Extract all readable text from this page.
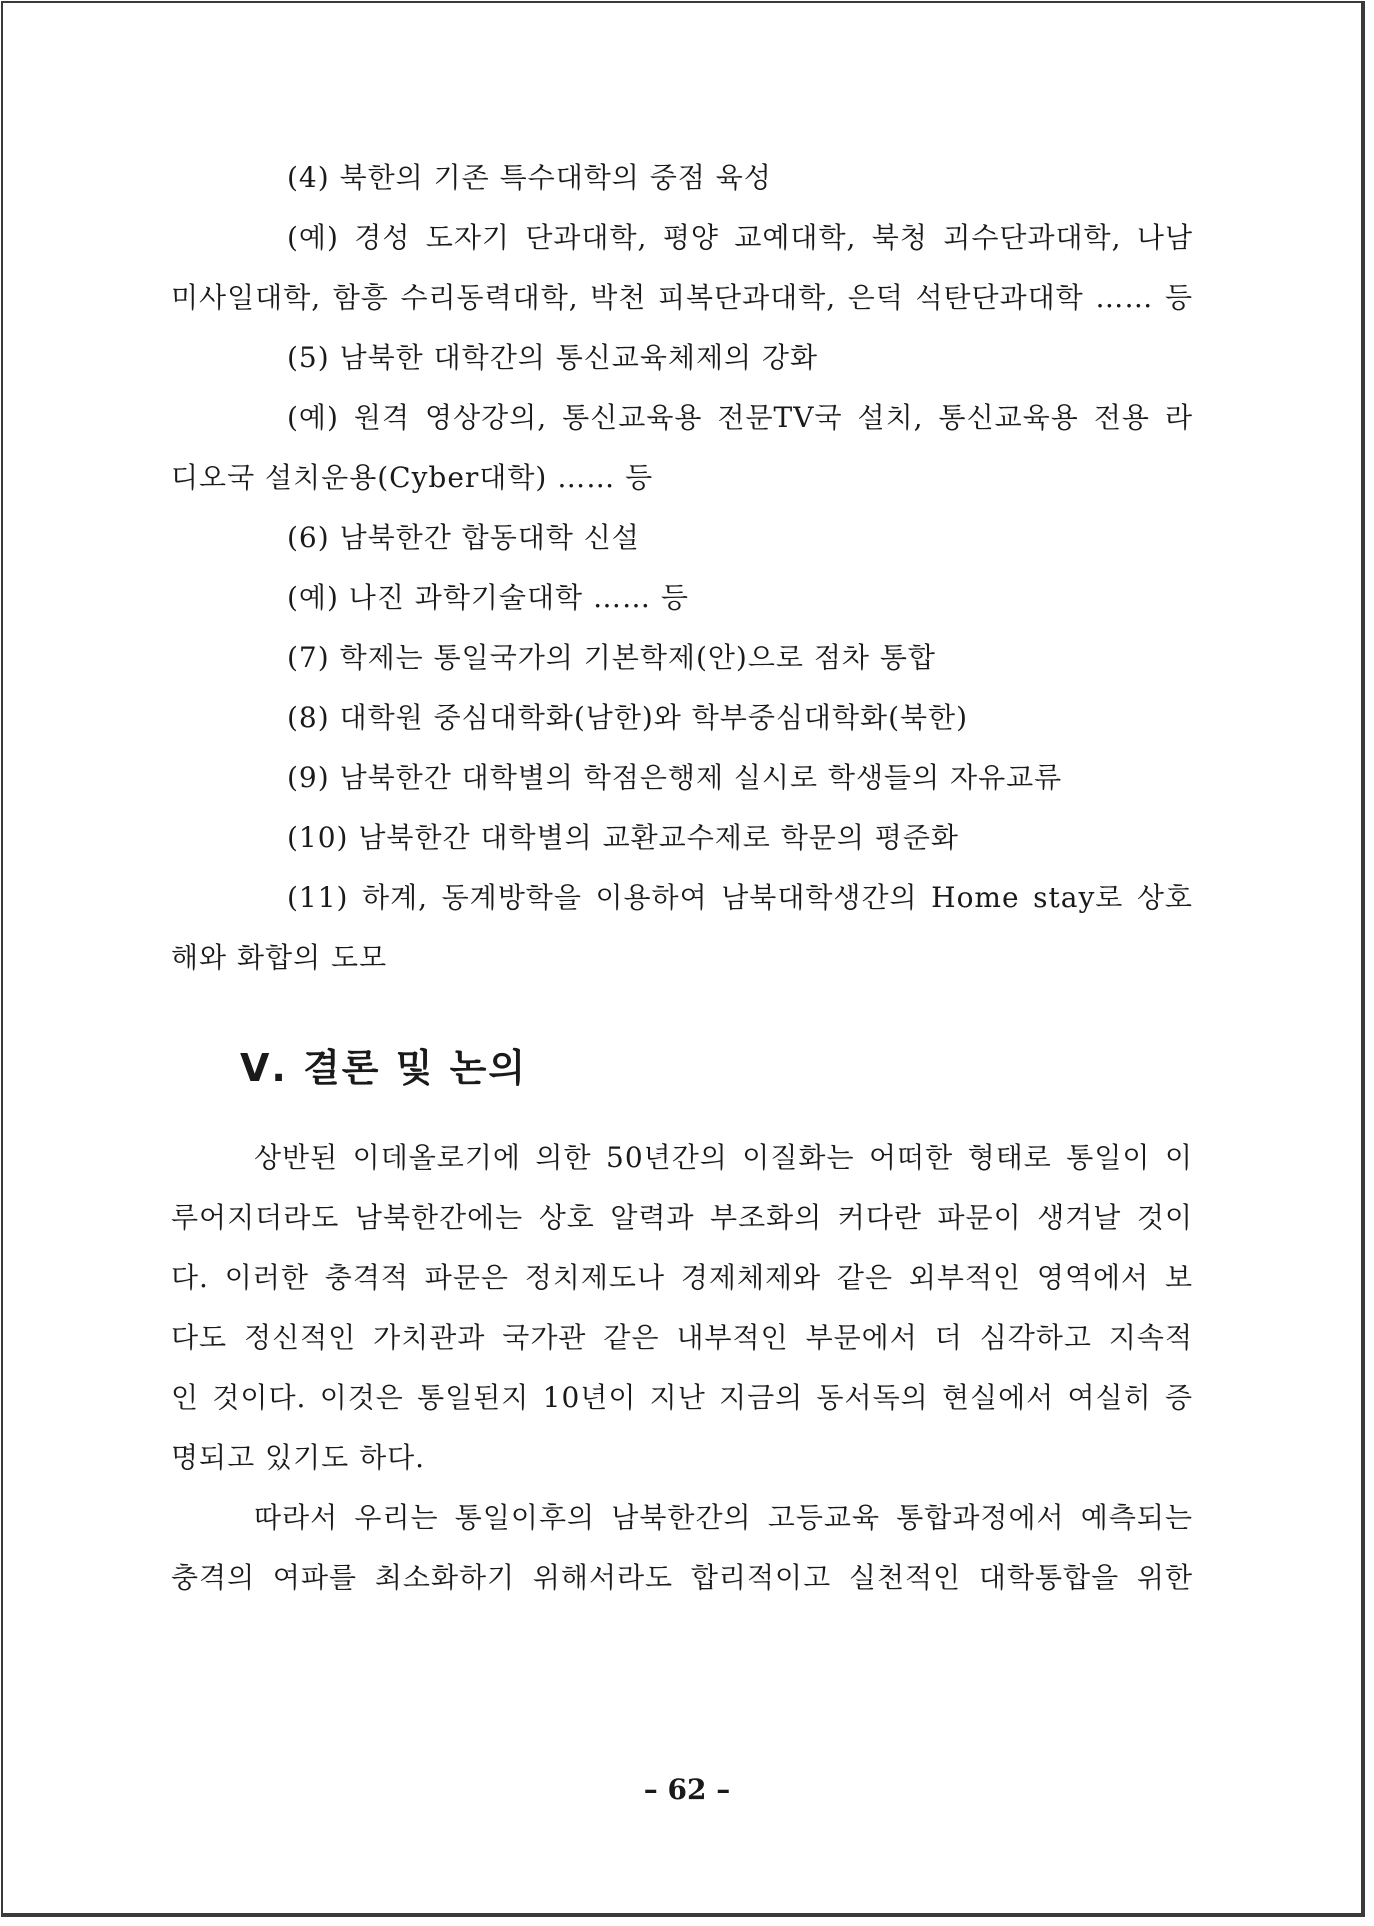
(4) 북한의 기존 특수대학의 중점 육성
(예) 경성 도자기 단과대학, 평양 교예대학, 북청 괴수단과대학, 나남
미사일대학, 함흥 수리동력대학, 박천 피복단과대학, 은덕 석탄단과대학 …… 등
(5) 남북한 대학간의 통신교육체제의 강화
(예) 원격 영상강의, 통신교육용 전문TV국 설치, 통신교육용 전용 라
디오국 설치운용(Cyber대학) …… 등
(6) 남북한간 합동대학 신설
(예) 나진 과학기술대학 …… 등
(7) 학제는 통일국가의 기본학제(안)으로 점차 통합
(8) 대학원 중심대학화(남한)와 학부중심대학화(북한)
(9) 남북한간 대학별의 학점은행제 실시로 학생들의 자유교류
(10) 남북한간 대학별의 교환교수제로 학문의 평준화
(11) 하계, 동계방학을 이용하여 남북대학생간의 Home stay로 상호
해와 화합의 도모
Ⅴ. 결론 및 논의
상반된 이데올로기에 의한 50년간의 이질화는 어떠한 형태로 통일이 이
루어지더라도 남북한간에는 상호 알력과 부조화의 커다란 파문이 생겨날 것이
다. 이러한 충격적 파문은 정치제도나 경제체제와 같은 외부적인 영역에서 보
다도 정신적인 가치관과 국가관 같은 내부적인 부문에서 더 심각하고 지속적
인 것이다. 이것은 통일된지 10년이 지난 지금의 동서독의 현실에서 여실히 증
명되고 있기도 하다.
따라서 우리는 통일이후의 남북한간의 고등교육 통합과정에서 예측되는
충격의 여파를 최소화하기 위해서라도 합리적이고 실천적인 대학통합을 위한
– 62 –
